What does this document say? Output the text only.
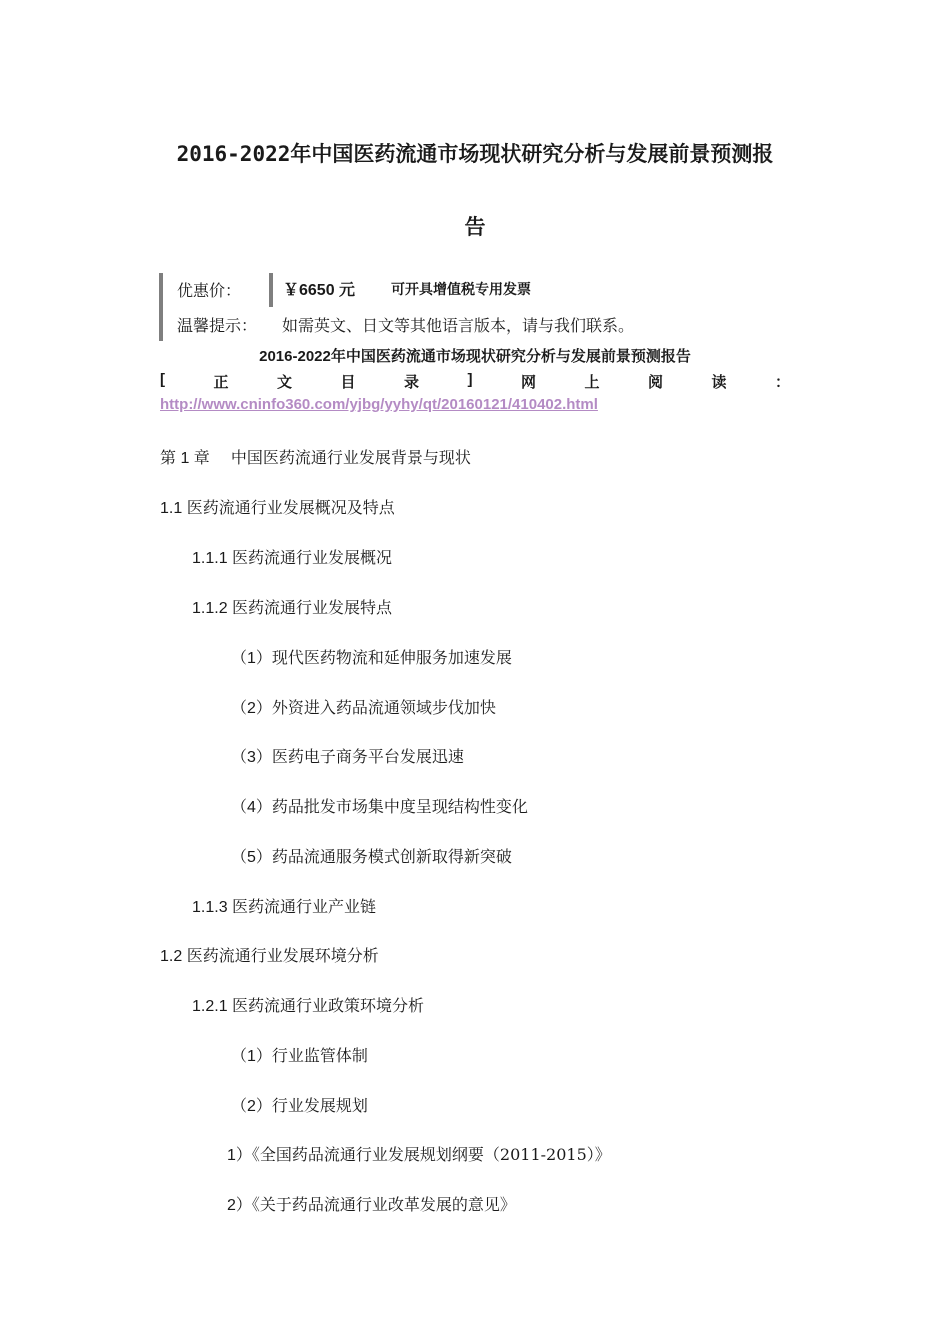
2016-2022年中国医药流通市场现状研究分析与发展前景预测报
告
优惠价：	￥6650 元	可开具增值税专用发票
温馨提示： 如需英文、日文等其他语言版本，请与我们联系。
2016-2022年中国医药流通市场现状研究分析与发展前景预测报告
[	正	文	目	录	]	网	上	阅	读	：
http://www.cninfo360.com/yjbg/yyhy/qt/20160121/410402.html
第 1 章　 中国医药流通行业发展背景与现状
1.1 医药流通行业发展概况及特点
1.1.1 医药流通行业发展概况
1.1.2 医药流通行业发展特点
（1）现代医药物流和延伸服务加速发展
（2）外资进入药品流通领域步伐加快
（3）医药电子商务平台发展迅速
（4）药品批发市场集中度呈现结构性变化
（5）药品流通服务模式创新取得新突破
1.1.3 医药流通行业产业链
1.2 医药流通行业发展环境分析
1.2.1 医药流通行业政策环境分析
（1）行业监管体制
（2）行业发展规划
1）《全国药品流通行业发展规划纲要（2011-2015）》
2）《关于药品流通行业改革发展的意见》
